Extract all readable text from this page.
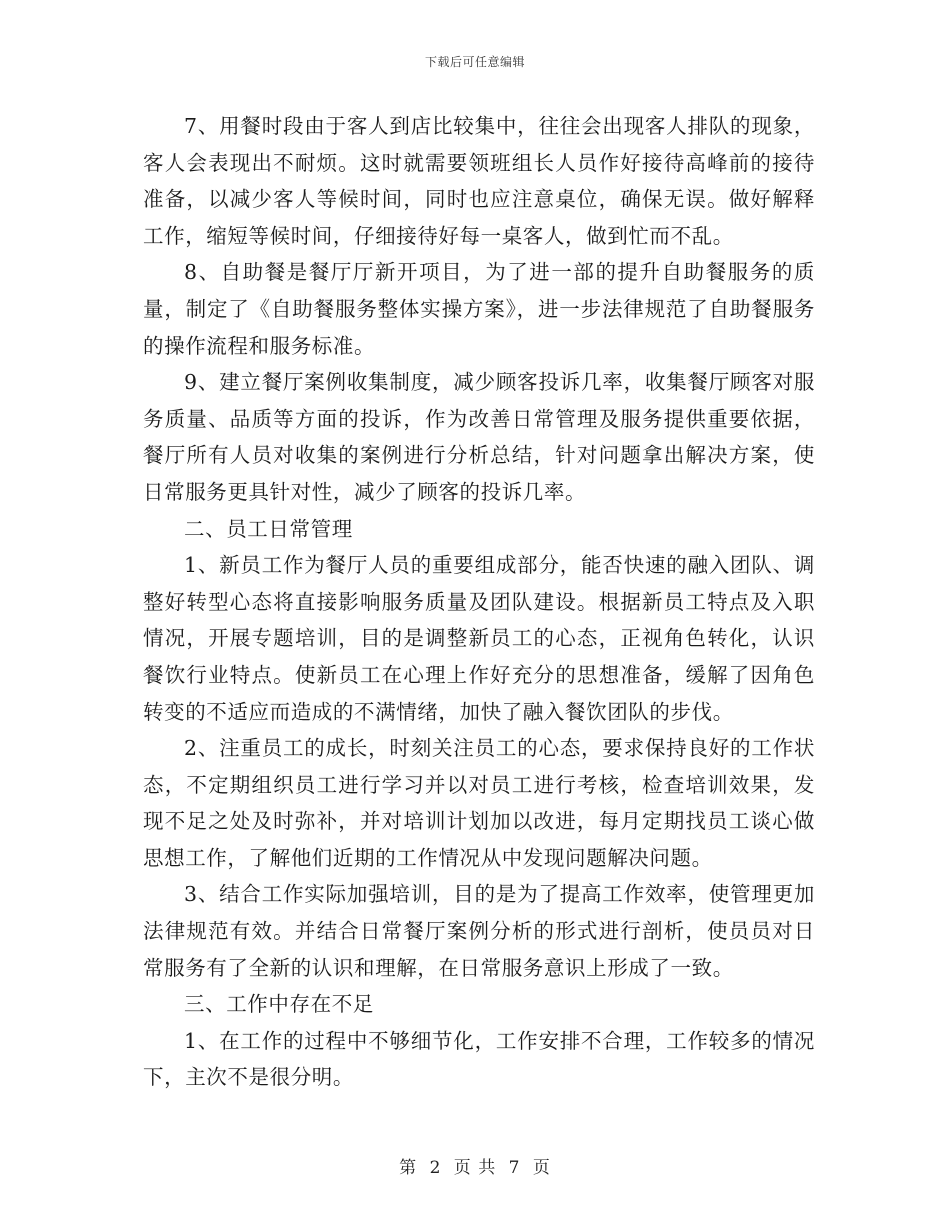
下载后可任意编辑

7、用餐时段由于客人到店比较集中，往往会出现客人排队的现象，客人会表现出不耐烦。这时就需要领班组长人员作好接待高峰前的接待准备，以减少客人等候时间，同时也应注意桌位，确保无误。做好解释工作，缩短等候时间，仔细接待好每一桌客人，做到忙而不乱。

8、自助餐是餐厅厅新开项目，为了进一部的提升自助餐服务的质量，制定了《自助餐服务整体实操方案》，进一步法律规范了自助餐服务的操作流程和服务标准。

9、建立餐厅案例收集制度，减少顾客投诉几率，收集餐厅顾客对服务质量、品质等方面的投诉，作为改善日常管理及服务提供重要依据，餐厅所有人员对收集的案例进行分析总结，针对问题拿出解决方案，使日常服务更具针对性，减少了顾客的投诉几率。

二、员工日常管理

1、新员工作为餐厅人员的重要组成部分，能否快速的融入团队、调整好转型心态将直接影响服务质量及团队建设。根据新员工特点及入职情况，开展专题培训，目的是调整新员工的心态，正视角色转化，认识餐饮行业特点。使新员工在心理上作好充分的思想准备，缓解了因角色转变的不适应而造成的不满情绪，加快了融入餐饮团队的步伐。

2、注重员工的成长，时刻关注员工的心态，要求保持良好的工作状态，不定期组织员工进行学习并以对员工进行考核，检查培训效果，发现不足之处及时弥补，并对培训计划加以改进，每月定期找员工谈心做思想工作，了解他们近期的工作情况从中发现问题解决问题。

3、结合工作实际加强培训，目的是为了提高工作效率，使管理更加法律规范有效。并结合日常餐厅案例分析的形式进行剖析，使员员对日常服务有了全新的认识和理解，在日常服务意识上形成了一致。

三、工作中存在不足

1、在工作的过程中不够细节化，工作安排不合理，工作较多的情况下，主次不是很分明。

第 2 页 共 7 页
